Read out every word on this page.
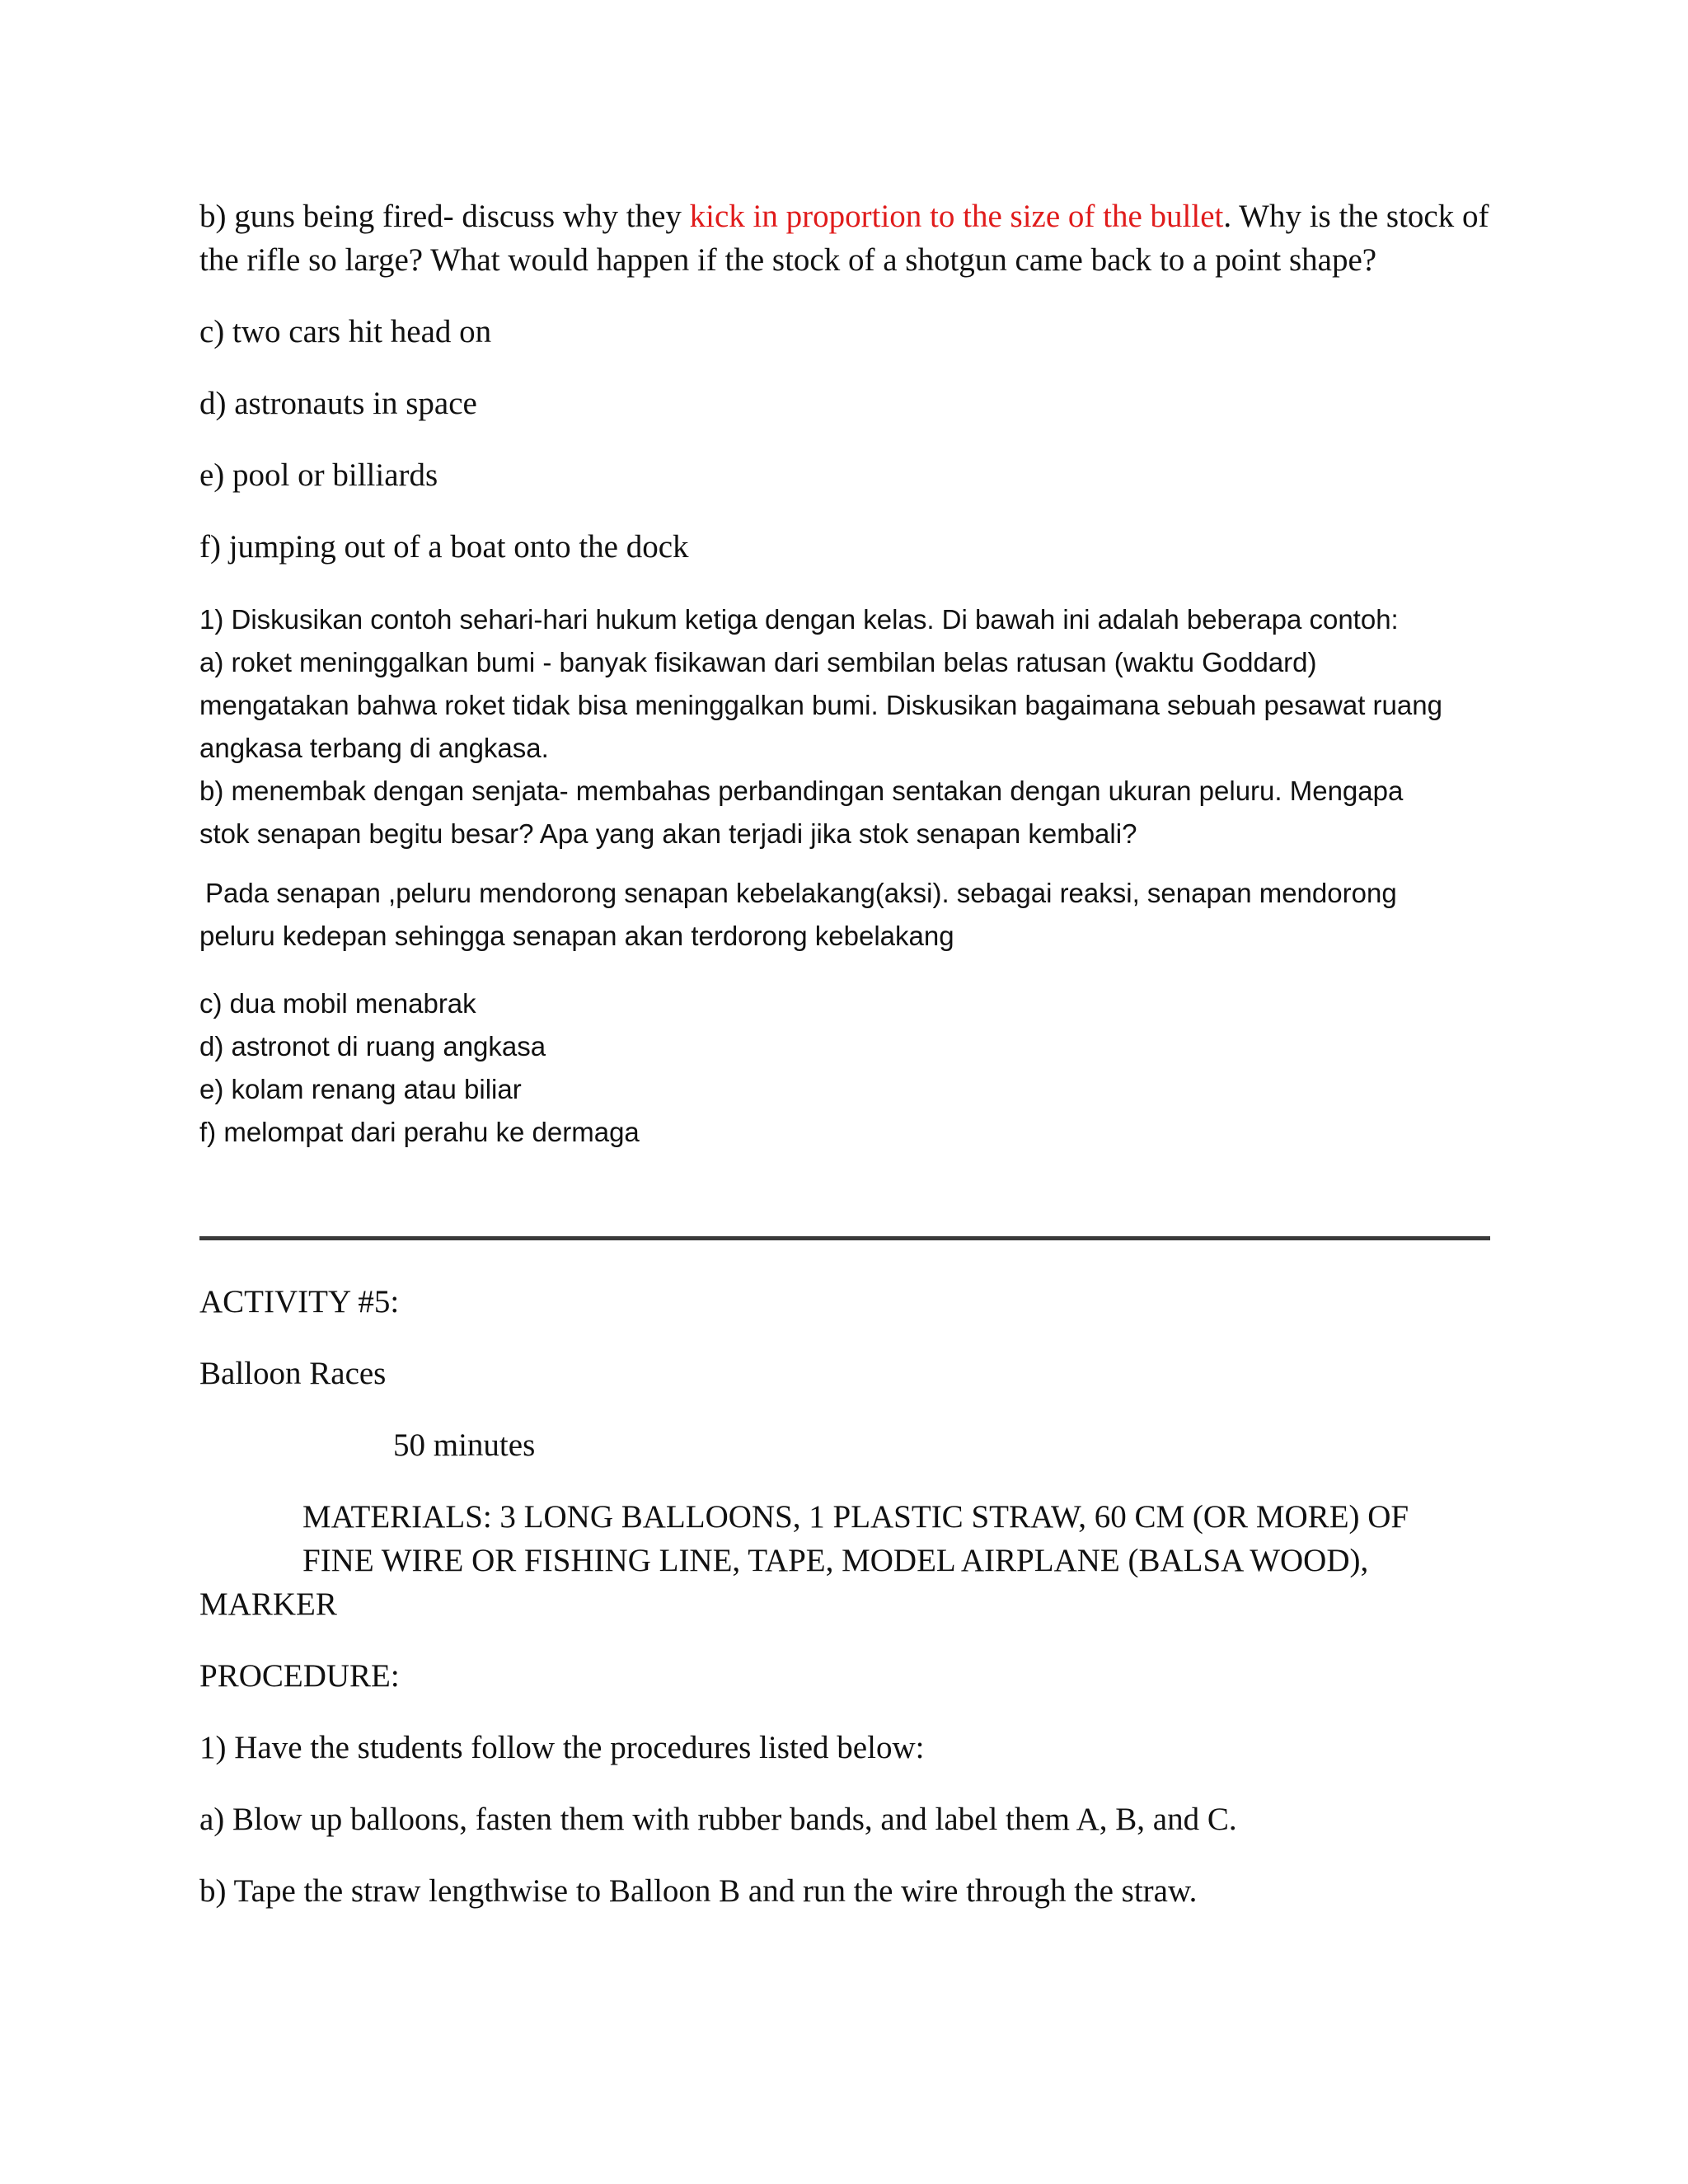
b) guns being fired- discuss why they kick in proportion to the size of the bullet. Why is the stock of the rifle so large? What would happen if the stock of a shotgun came back to a point shape?

c) two cars hit head on

d) astronauts in space

e) pool or billiards

f) jumping out of a boat onto the dock

1) Diskusikan contoh sehari-hari hukum ketiga dengan kelas. Di bawah ini adalah beberapa contoh:

a) roket meninggalkan bumi - banyak fisikawan dari sembilan belas ratusan (waktu Goddard)

mengatakan bahwa roket tidak bisa meninggalkan bumi. Diskusikan bagaimana sebuah pesawat ruang

angkasa terbang di angkasa.

b) menembak dengan senjata- membahas perbandingan sentakan dengan ukuran peluru. Mengapa

stok senapan begitu besar? Apa yang akan terjadi jika stok senapan kembali?

Pada senapan ,peluru mendorong senapan kebelakang(aksi). sebagai reaksi, senapan mendorong

peluru kedepan sehingga senapan akan terdorong kebelakang

c) dua mobil menabrak

d) astronot di ruang angkasa

e) kolam renang atau biliar

f) melompat dari perahu ke dermaga

ACTIVITY #5:

Balloon Races

50 minutes

MATERIALS: 3 LONG BALLOONS, 1 PLASTIC STRAW, 60 CM (OR MORE) OF

FINE WIRE OR FISHING LINE, TAPE, MODEL AIRPLANE (BALSA WOOD),

MARKER

PROCEDURE:

1) Have the students follow the procedures listed below:

a) Blow up balloons, fasten them with rubber bands, and label them A, B, and C.

b) Tape the straw lengthwise to Balloon B and run the wire through the straw.
